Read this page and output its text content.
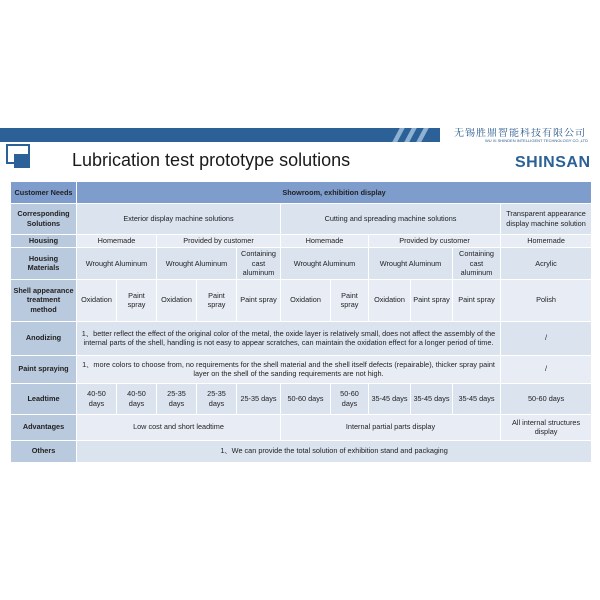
无锡胜鼎智能科技有限公司
WU XI SHINDEN INTELLIGENT TECHNOLOGY CO.,LTD
Lubrication test prototype solutions	SHINSAN
Customer Needs	Showroom, exhibition display										
Corresponding Solutions	Exterior display machine solutions					Cutting and spreading machine solutions					Transparent appearance display machine solution
Housing	Homemade		Provided by customer			Homemade		Provided by customer			Homemade
Housing Materials	Wrought Aluminum		Wrought Aluminum		Containing cast aluminum	Wrought Aluminum		Wrought Aluminum		Containing cast aluminum	Acrylic
Shell appearance treatment method	Oxidation	Paint spray	Oxidation	Paint spray	Paint spray	Oxidation	Paint spray	Oxidation	Paint spray	Paint spray	Polish
Anodizing	1、better reflect the effect of the original color of the metal, the oxide layer is relatively small, does not affect the assembly of the internal parts of the shell, handling is not easy to appear scratches, can maintain the oxidation effect for a longer period of time.										/
Paint spraying	1、more colors to choose from, no requirements for the shell material and the shell itself defects (repairable), thicker spray paint layer on the shell of the sanding requirements are not high.										/
Leadtime	40-50 days	40-50 days	25-35 days	25-35 days	25-35 days	50-60 days	50-60 days	35-45 days	35-45 days	35-45 days	50-60 days
Advantages	Low cost and short leadtime					Internal partial parts display					All internal structures display
Others	1、We can provide the total solution of exhibition stand and packaging										
